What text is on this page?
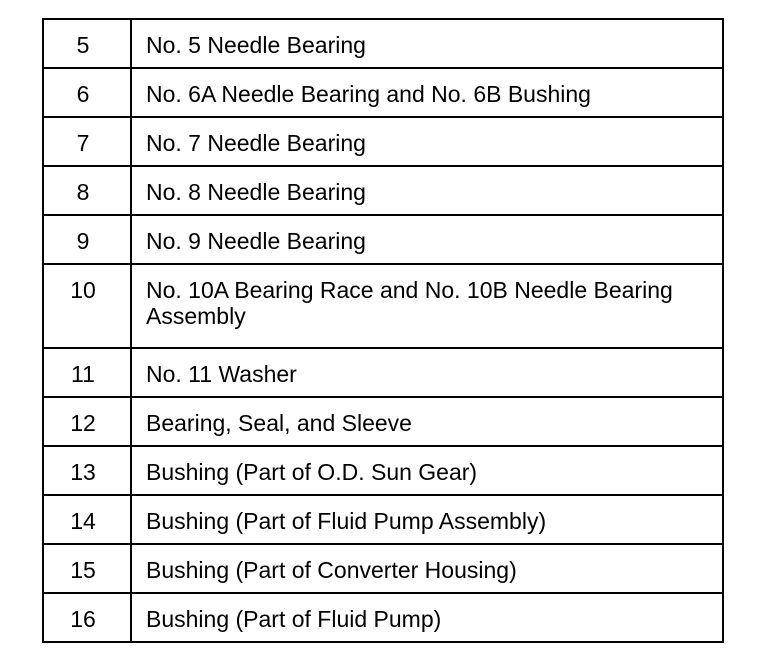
5	No. 5 Needle Bearing
6	No. 6A Needle Bearing and No. 6B Bushing
7	No. 7 Needle Bearing
8	No. 8 Needle Bearing
9	No. 9 Needle Bearing
10	No. 10A Bearing Race and No. 10B Needle Bearing Assembly
11	No. 11 Washer
12	Bearing, Seal, and Sleeve
13	Bushing (Part of O.D. Sun Gear)
14	Bushing (Part of Fluid Pump Assembly)
15	Bushing (Part of Converter Housing)
16	Bushing (Part of Fluid Pump)
